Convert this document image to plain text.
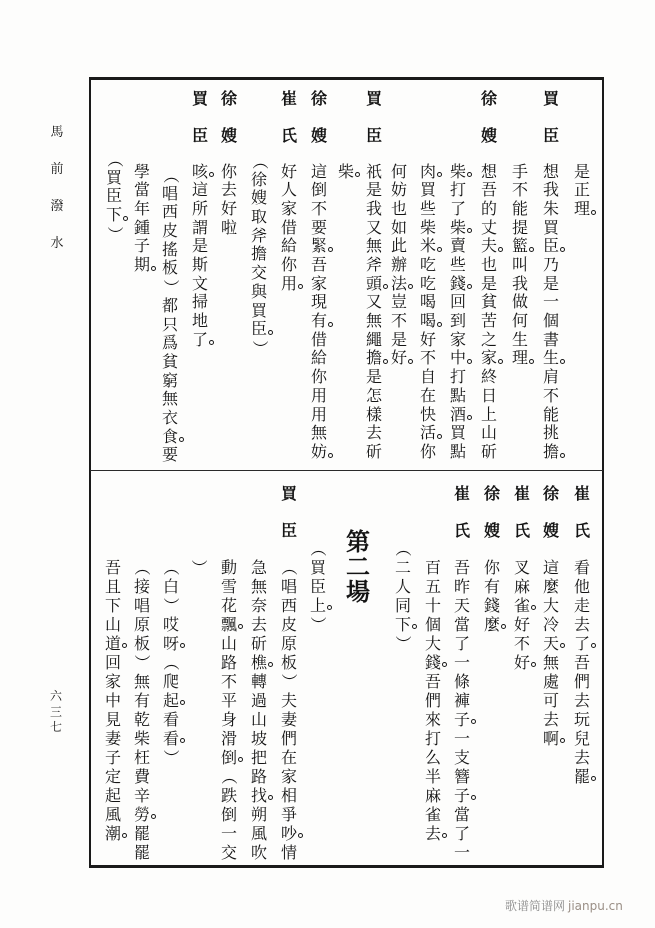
馬
前
潑
水
六
三
七
是
正
理
買
臣
想
我
朱
買
臣
乃
是
一
個
書
生
肩
不
能
挑
擔
手
不
能
提
籃
叫
我
做
何
生
理
徐
嫂
想
吾
的
丈
夫
也
是
貧
苦
之
家
終
日
上
山
斫
柴
打
了
柴
賣
些
錢
回
到
家
中
打
點
酒
買
點
肉
買
些
柴
米
吃
吃
喝
喝
好
不
自
在
快
活
你
何
妨
也
如
此
辦
法
豈
不
是
好
買
臣
祇
是
我
又
無
斧
頭
又
無
繩
擔
是
怎
樣
去
斫
柴
徐
嫂
這
倒
不
要
緊
吾
家
現
有
借
給
你
用
用
無
妨
崔
氏
好
人
家
借
給
你
用
（
徐
嫂
取
斧
擔
交
與
買
臣
）
徐
嫂
你
去
好
啦
買
臣
咳
這
所
謂
是
斯
文
掃
地
了
（
唱
西
皮
搖
板
）
都
只
爲
貧
窮
無
衣
食
要
學
當
年
鍾
子
期
（
買
臣
下
）
崔
氏
看
他
走
去
了
吾
們
去
玩
兒
去
罷
徐
嫂
這
麼
大
冷
天
無
處
可
去
啊
崔
氏
叉
麻
雀
好
不
好
徐
嫂
你
有
錢
麼
崔
氏
吾
昨
天
當
了
一
條
褲
子
一
支
簪
子
當
了
一
百
五
十
個
大
錢
吾
們
來
打
么
半
麻
雀
去
（
二
人
同
下
）
第
二
場
（
買
臣
上
）
買
臣
（
唱
西
皮
原
板
）
夫
妻
們
在
家
相
爭
吵
情
急
無
奈
去
斫
樵
轉
過
山
坡
把
路
找
朔
風
吹
動
雪
花
飄
山
路
不
平
身
滑
倒
（
跌
倒
一
交
）
（
白
）
哎
呀
（
爬
起
看
看
）
（
接
唱
原
板
）
無
有
乾
柴
枉
費
辛
勞
罷
罷
吾
且
下
山
道
回
家
中
見
妻
子
定
起
風
潮
歌谱简谱网 jianpu.cn
